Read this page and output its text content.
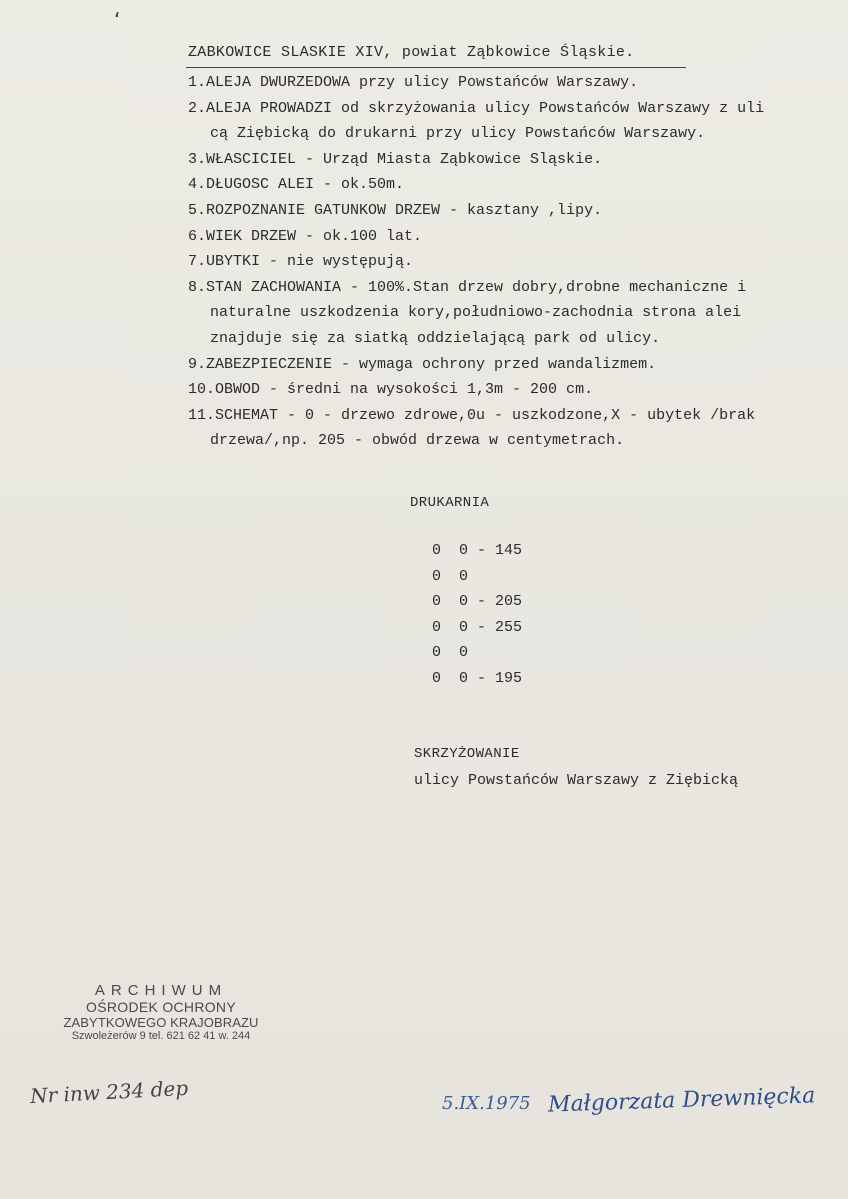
‘
ZABKOWICE SLASKIE XIV, powiat Ząbkowice Śląskie.
1.ALEJA DWURZEDOWA przy ulicy Powstańców Warszawy.
2.ALEJA PROWADZI od skrzyżowania ulicy Powstańców Warszawy z uli
cą Ziębicką do drukarni przy ulicy Powstańców Warszawy.
3.WŁASCICIEL - Urząd Miasta Ząbkowice Sląskie.
4.DŁUGOSC ALEI - ok.50m.
5.ROZPOZNANIE GATUNKOW DRZEW - kasztany ,lipy.
6.WIEK DRZEW - ok.100 lat.
7.UBYTKI - nie występują.
8.STAN ZACHOWANIA - 100%.Stan drzew dobry,drobne mechaniczne i
naturalne uszkodzenia kory,południowo-zachodnia strona alei
znajduje się za siatką oddzielającą park od ulicy.
9.ZABEZPIECZENIE - wymaga ochrony przed wandalizmem.
10.OBWOD - średni na wysokości 1,3m - 200 cm.
11.SCHEMAT - 0 - drzewo zdrowe,0u - uszkodzone,X - ubytek /brak
drzewa/,np. 205 - obwód drzewa w centymetrach.
DRUKARNIA
0  0 - 145
0  0
0  0 - 205
0  0 - 255
0  0
0  0 - 195
SKRZYŻOWANIE
ulicy Powstańców Warszawy z Ziębicką
ARCHIWUM
OŚRODEK OCHRONY
ZABYTKOWEGO KRAJOBRAZU
Szwoleżerów 9 tel. 621 62 41 w. 244
Nr inw 234 dep	5.IX.1975 Małgorzata Drewnięcka
